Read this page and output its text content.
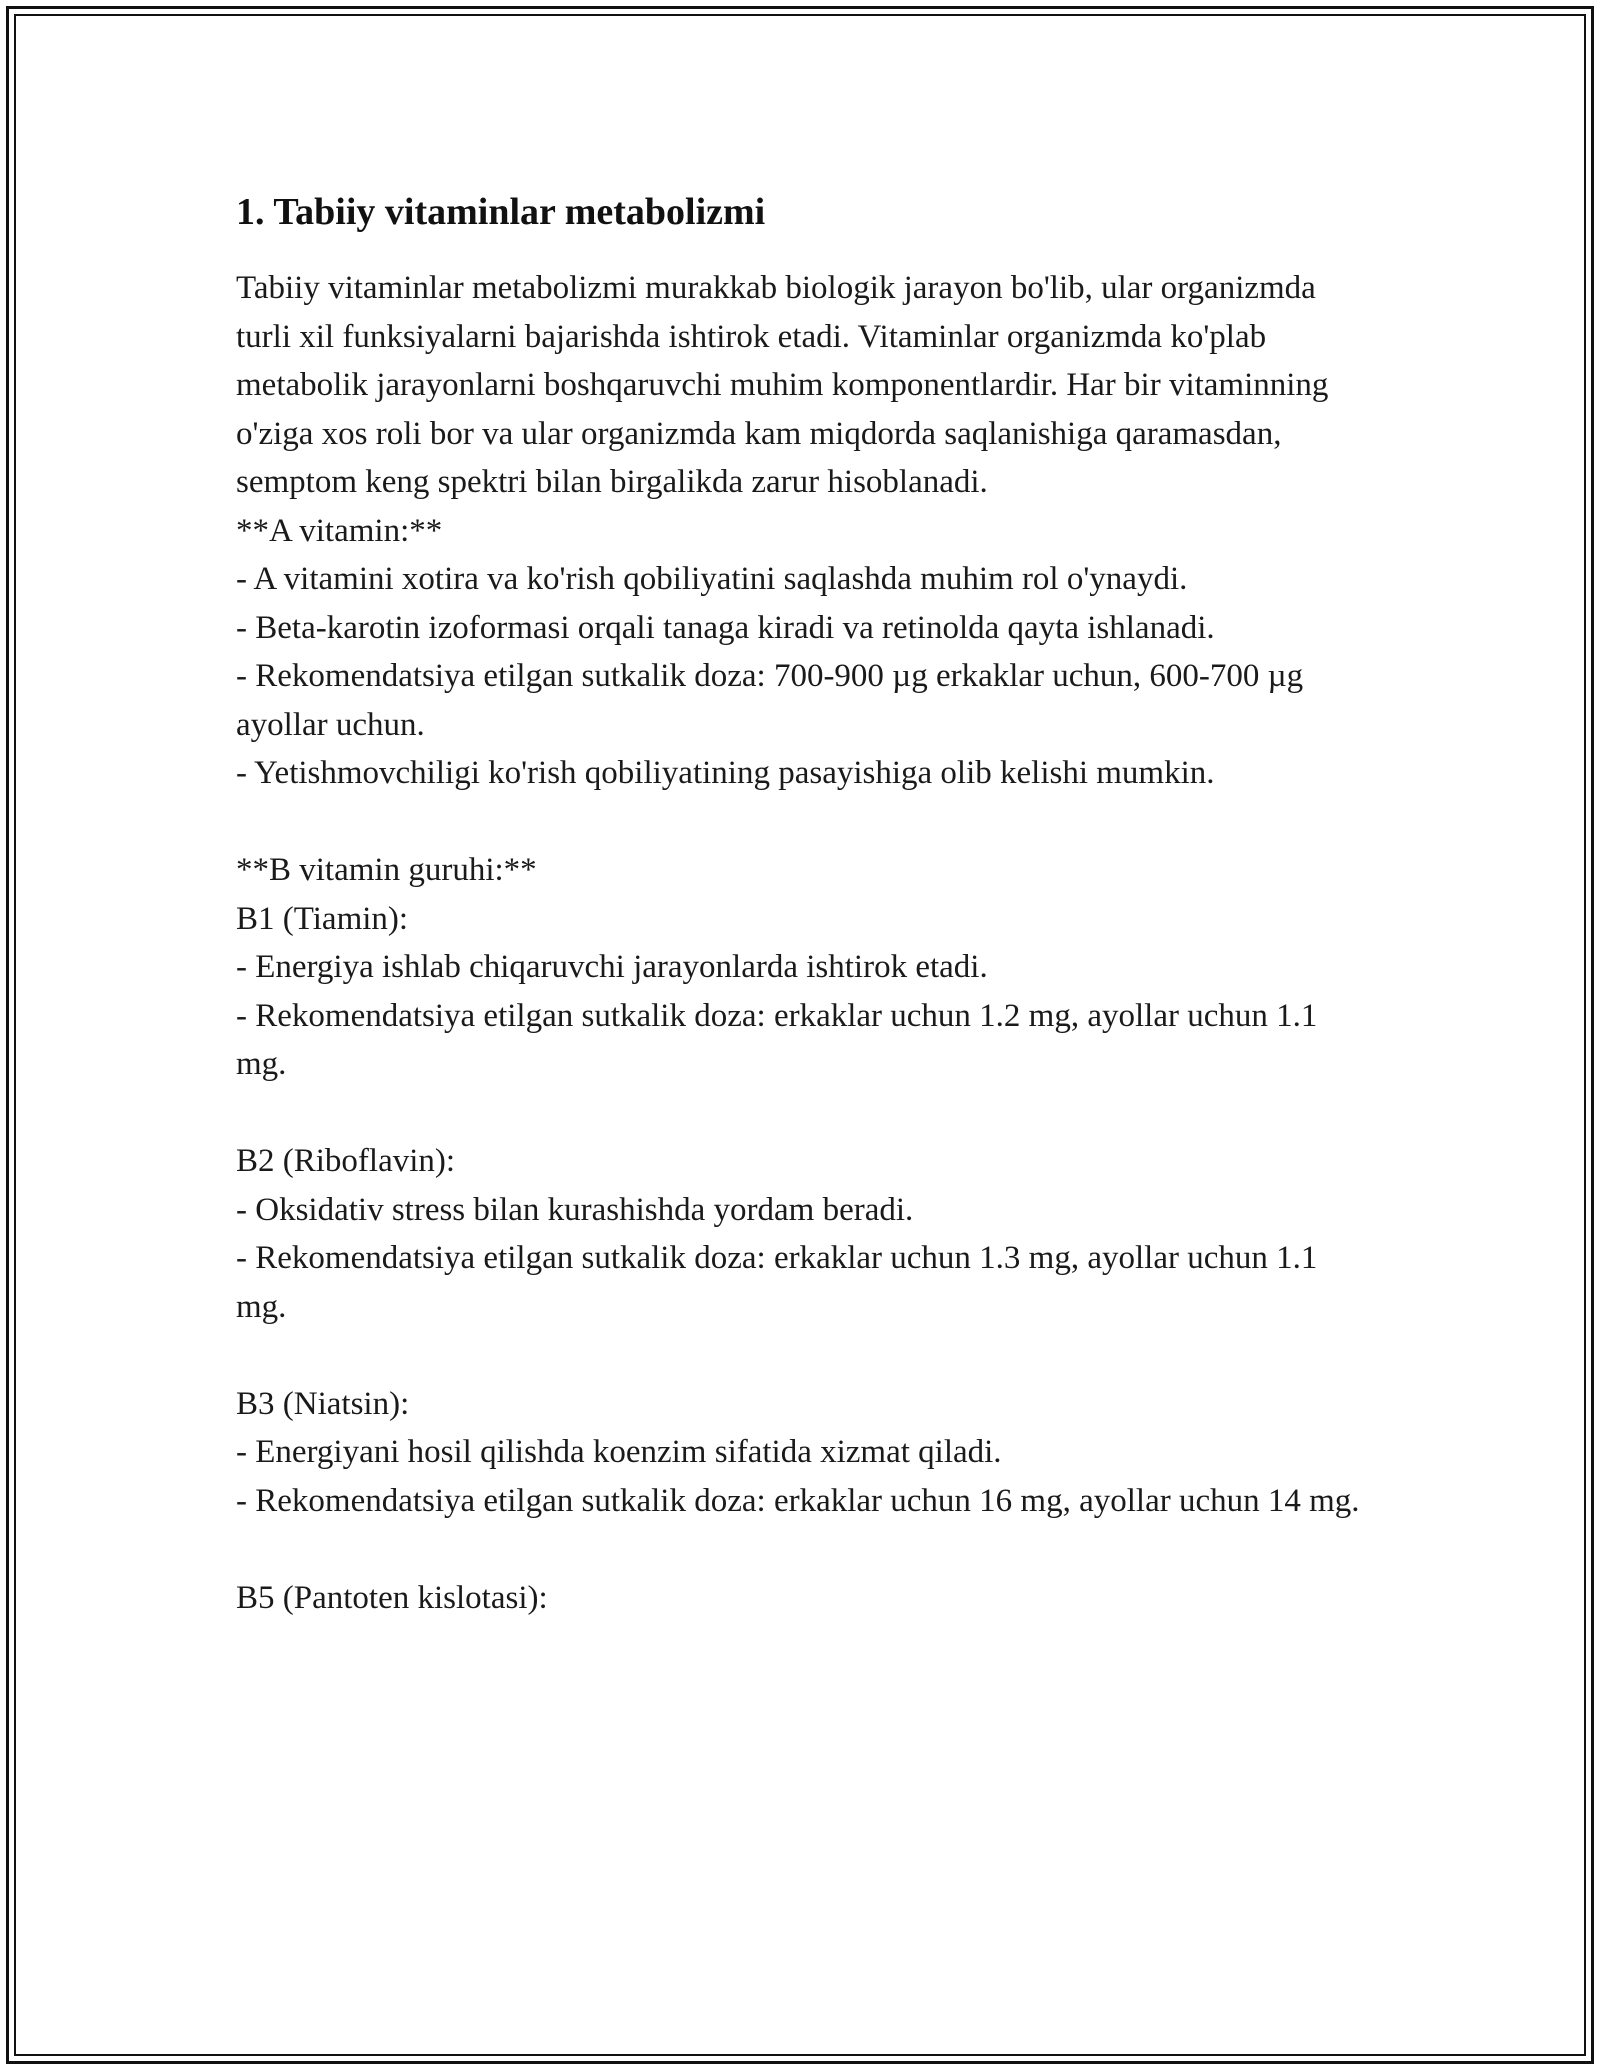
1. Tabiiy vitaminlar metabolizmi

Tabiiy vitaminlar metabolizmi murakkab biologik jarayon bo'lib, ular organizmda turli xil funksiyalarni bajarishda ishtirok etadi. Vitaminlar organizmda ko'plab metabolik jarayonlarni boshqaruvchi muhim komponentlardir. Har bir vitaminning o'ziga xos roli bor va ular organizmda kam miqdorda saqlanishiga qaramasdan, semptom keng spektri bilan birgalikda zarur hisoblanadi.

**A vitamin:**

- A vitamini xotira va ko'rish qobiliyatini saqlashda muhim rol o'ynaydi.
- Beta-karotin izoformasi orqali tanaga kiradi va retinolda qayta ishlanadi.
- Rekomendatsiya etilgan sutkalik doza: 700-900 µg erkaklar uchun, 600-700 µg ayollar uchun.
- Yetishmovchiligi ko'rish qobiliyatining pasayishiga olib kelishi mumkin.

**B vitamin guruhi:**

B1 (Tiamin):
- Energiya ishlab chiqaruvchi jarayonlarda ishtirok etadi.
- Rekomendatsiya etilgan sutkalik doza: erkaklar uchun 1.2 mg, ayollar uchun 1.1 mg.
B2 (Riboflavin):
- Oksidativ stress bilan kurashishda yordam beradi.
- Rekomendatsiya etilgan sutkalik doza: erkaklar uchun 1.3 mg, ayollar uchun 1.1 mg.
B3 (Niatsin):
- Energiyani hosil qilishda koenzim sifatida xizmat qiladi.
- Rekomendatsiya etilgan sutkalik doza: erkaklar uchun 16 mg, ayollar uchun 14 mg.
B5 (Pantoten kislotasi):
